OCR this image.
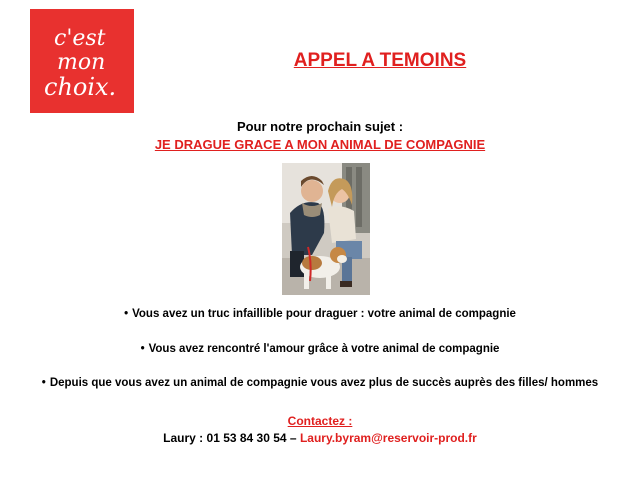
c'est
mon
choix.
APPEL A TEMOINS
Pour notre prochain sujet :
JE DRAGUE GRACE A MON ANIMAL DE COMPAGNIE
• Vous avez un truc infaillible pour draguer : votre animal de compagnie
• Vous avez rencontré l'amour grâce à votre animal de compagnie
• Depuis que vous avez un animal de compagnie vous avez plus de succès auprès des filles/ hommes
Contactez :
Laury : 01 53 84 30 54 – Laury.byram@reservoir-prod.fr
